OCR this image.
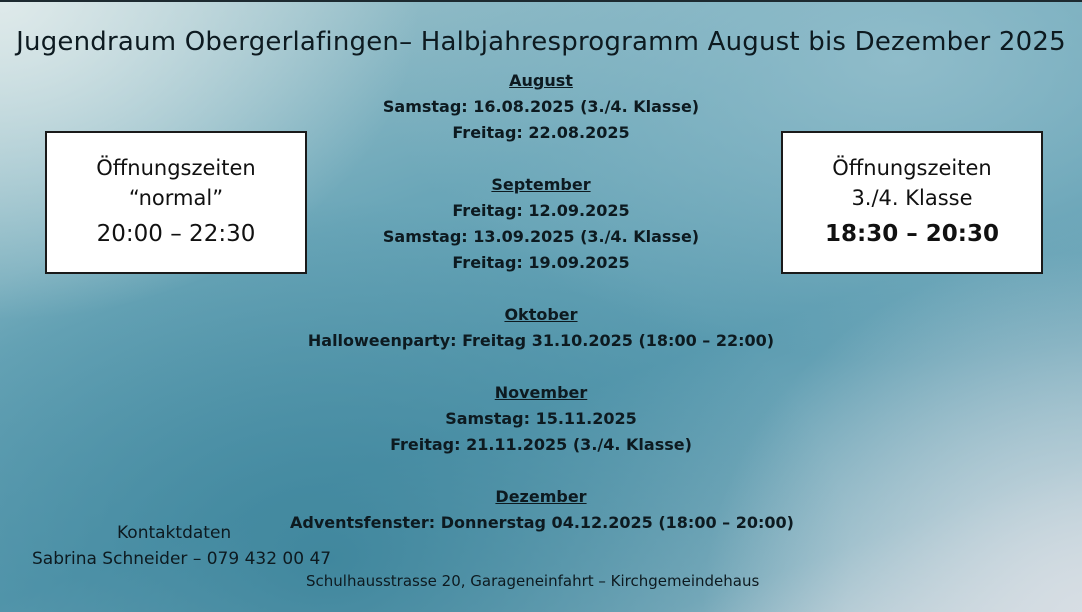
Jugendraum Obergerlafingen– Halbjahresprogramm August bis Dezember 2025
August
Samstag: 16.08.2025 (3./4. Klasse)
Freitag: 22.08.2025
September
Freitag: 12.09.2025
Samstag: 13.09.2025 (3./4. Klasse)
Freitag: 19.09.2025
Oktober
Halloweenparty: Freitag 31.10.2025 (18:00 – 22:00)
November
Samstag: 15.11.2025
Freitag: 21.11.2025 (3./4. Klasse)
Dezember
Adventsfenster: Donnerstag 04.12.2025 (18:00 – 20:00)
Öffnungszeiten
“normal”
20:00 – 22:30
Öffnungszeiten
3./4. Klasse
18:30 – 20:30
Kontaktdaten
Sabrina Schneider – 079 432 00 47
Schulhausstrasse 20, Garageneinfahrt – Kirchgemeindehaus
